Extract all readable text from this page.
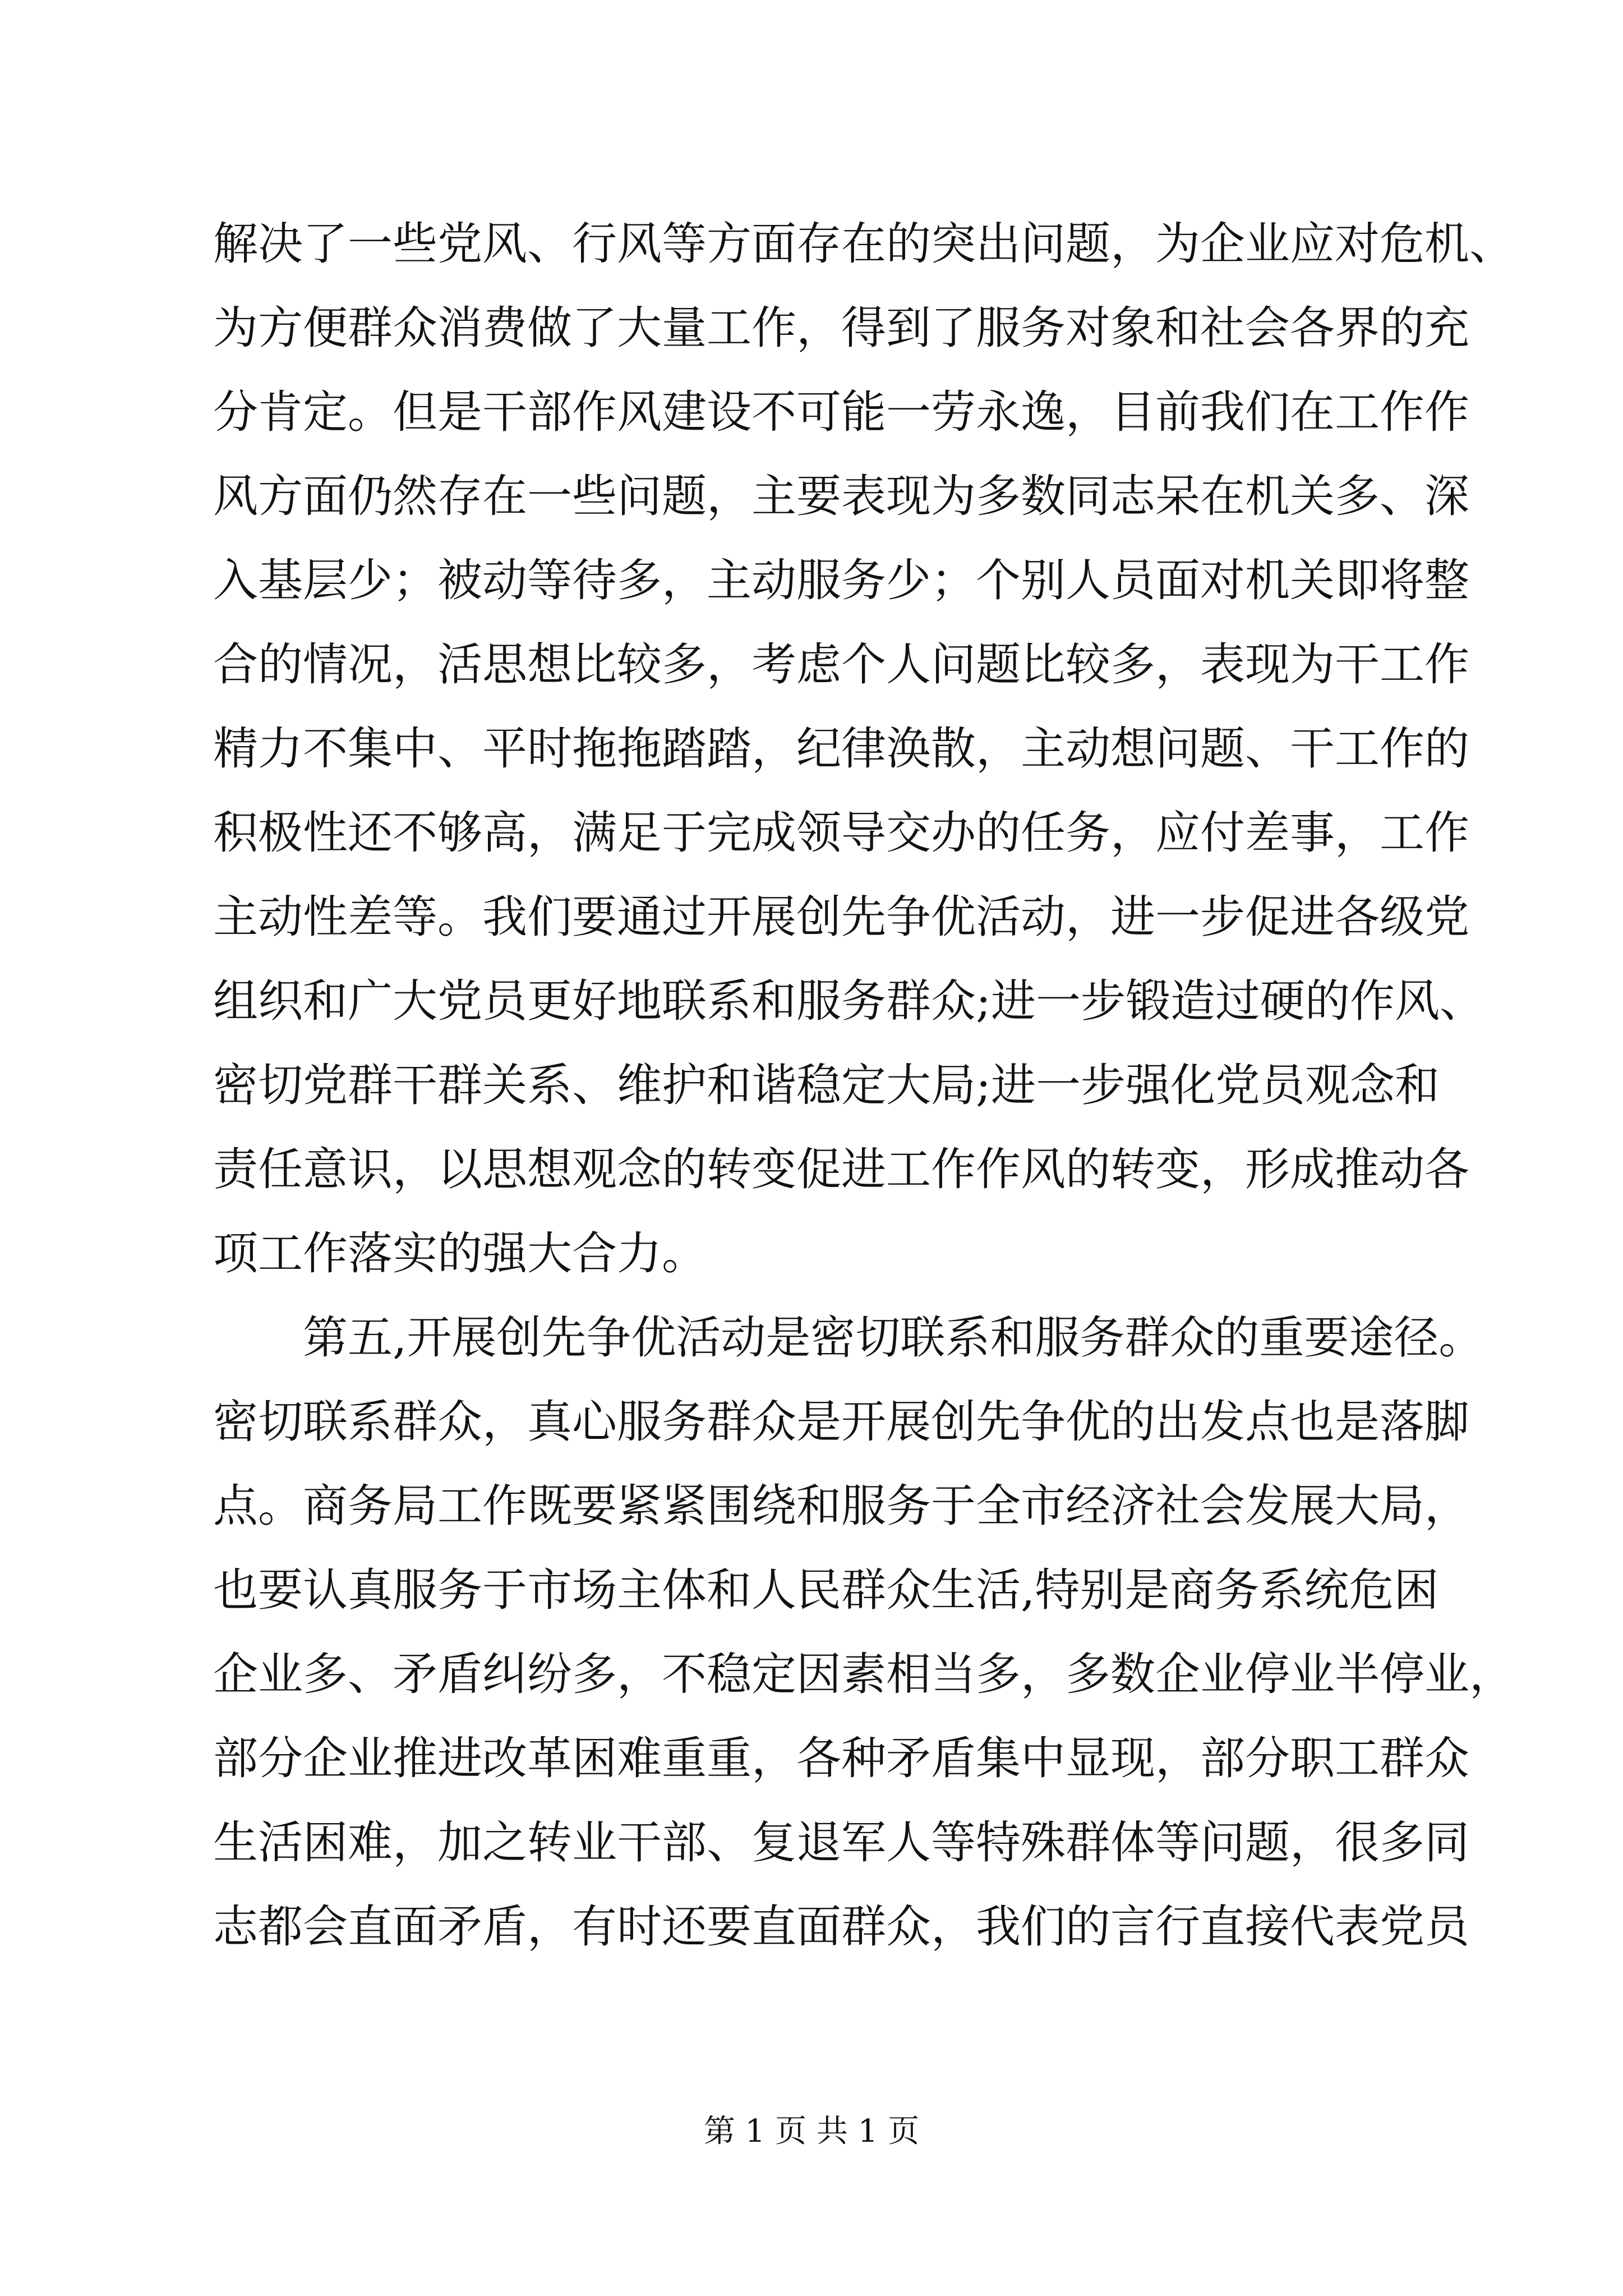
解决了一些党风、行风等方面存在的突出问题，为企业应对危机、
为方便群众消费做了大量工作，得到了服务对象和社会各界的充
分肯定。但是干部作风建设不可能一劳永逸，目前我们在工作作
风方面仍然存在一些问题，主要表现为多数同志呆在机关多、深
入基层少；被动等待多，主动服务少；个别人员面对机关即将整
合的情况，活思想比较多，考虑个人问题比较多，表现为干工作
精力不集中、平时拖拖踏踏，纪律涣散，主动想问题、干工作的
积极性还不够高，满足于完成领导交办的任务，应付差事，工作
主动性差等。我们要通过开展创先争优活动，进一步促进各级党
组织和广大党员更好地联系和服务群众;进一步锻造过硬的作风、
密切党群干群关系、维护和谐稳定大局;进一步强化党员观念和
责任意识，以思想观念的转变促进工作作风的转变，形成推动各
项工作落实的强大合力。
第五,开展创先争优活动是密切联系和服务群众的重要途径。
密切联系群众，真心服务群众是开展创先争优的出发点也是落脚
点。商务局工作既要紧紧围绕和服务于全市经济社会发展大局，
也要认真服务于市场主体和人民群众生活,特别是商务系统危困
企业多、矛盾纠纷多，不稳定因素相当多，多数企业停业半停业，
部分企业推进改革困难重重，各种矛盾集中显现，部分职工群众
生活困难，加之转业干部、复退军人等特殊群体等问题，很多同
志都会直面矛盾，有时还要直面群众，我们的言行直接代表党员
第 1 页 共 1 页
